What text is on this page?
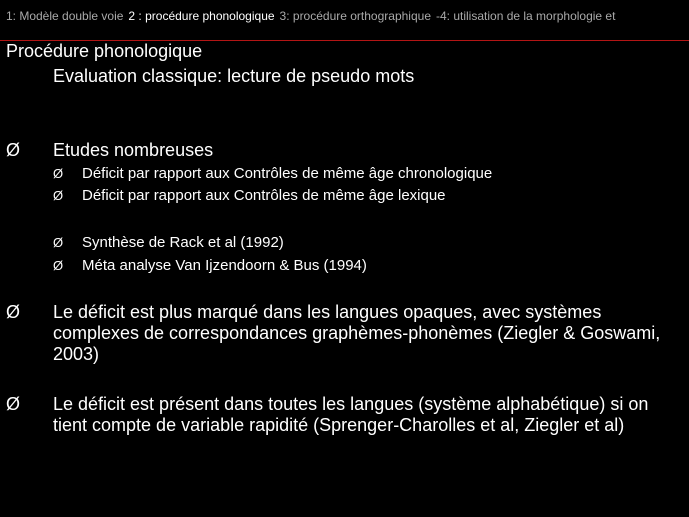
1: Modèle double voie 2 : procédure phonologique 3: procédure orthographique -4: utilisation de la morphologie et
Procédure phonologique
Evaluation classique: lecture de pseudo mots
Ø	Etudes nombreuses
Ø Déficit par rapport aux Contrôles de même âge chronologique
Ø Déficit par rapport aux Contrôles de même âge lexique
Ø Synthèse de Rack et al (1992)
Ø Méta analyse Van Ijzendoorn & Bus (1994)
Ø	Le déficit est plus marqué dans les langues opaques, avec systèmes complexes de correspondances graphèmes-phonèmes (Ziegler & Goswami, 2003)
Ø	Le déficit est présent dans toutes les langues (système alphabétique) si on tient compte de variable rapidité (Sprenger-Charolles et al, Ziegler et al)
